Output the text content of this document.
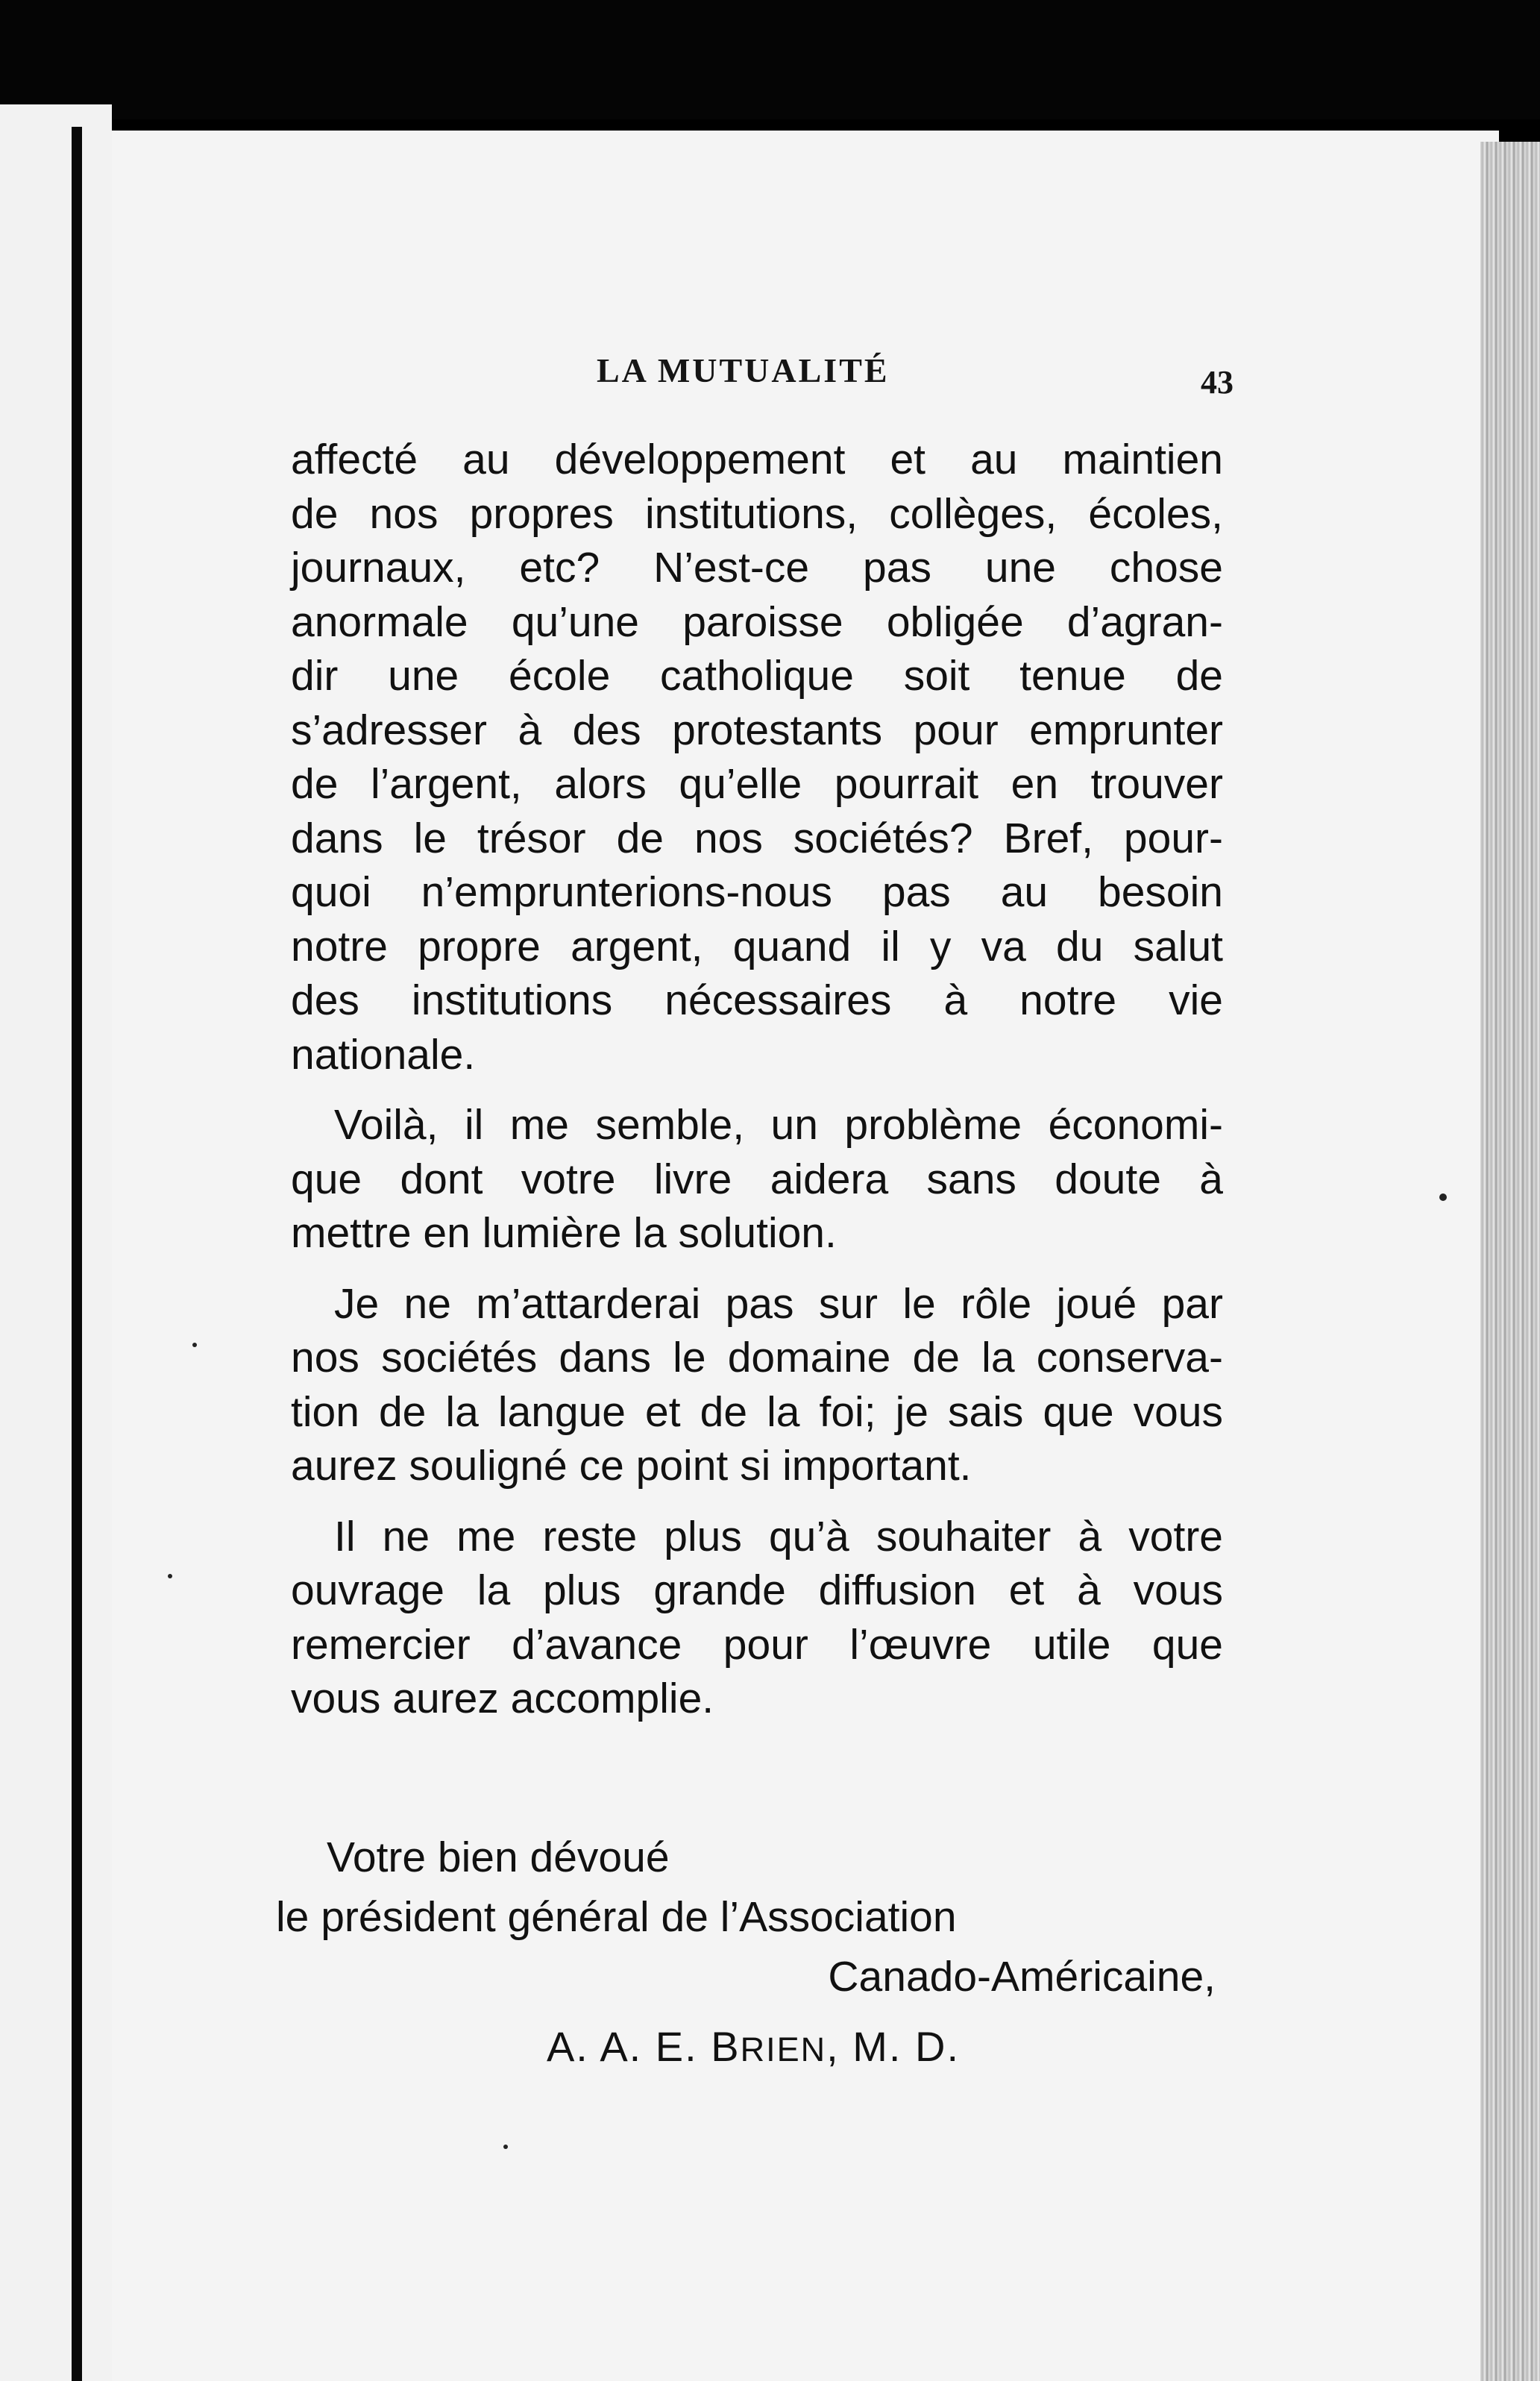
LA MUTUALITÉ	43

affecté au développement et au maintien
de nos propres institutions, collèges, écoles,
journaux, etc? N’est-ce pas une chose
anormale qu’une paroisse obligée d’agran-
dir une école catholique soit tenue de
s’adresser à des protestants pour emprunter
de l’argent, alors qu’elle pourrait en trouver
dans le trésor de nos sociétés? Bref, pour-
quoi n’emprunterions-nous pas au besoin
notre propre argent, quand il y va du salut
des institutions nécessaires à notre vie
nationale.

Voilà, il me semble, un problème économi-
que dont votre livre aidera sans doute à
mettre en lumière la solution.

Je ne m’attarderai pas sur le rôle joué par
nos sociétés dans le domaine de la conserva-
tion de la langue et de la foi; je sais que vous
aurez souligné ce point si important.

Il ne me reste plus qu’à souhaiter à votre
ouvrage la plus grande diffusion et à vous
remercier d’avance pour l’œuvre utile que
vous aurez accomplie.

Votre bien dévoué
le président général de l’Association
Canado-Américaine,
A. A. E. BRIEN, M. D.
